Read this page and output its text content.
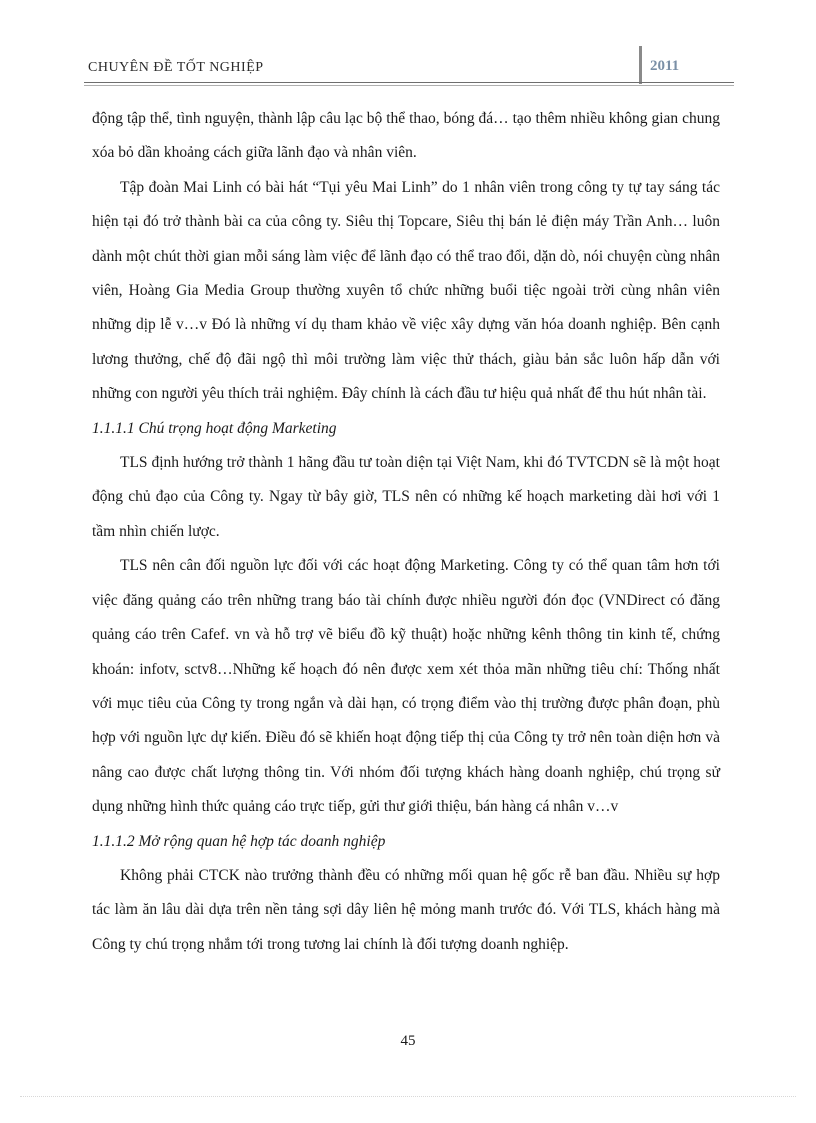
CHUYÊN ĐỀ TỐT NGHIỆP	2011

động tập thể, tình nguyện, thành lập câu lạc bộ thể thao, bóng đá… tạo thêm nhiều không gian chung xóa bỏ dần khoảng cách giữa lãnh đạo và nhân viên.

Tập đoàn Mai Linh có bài hát “Tụi yêu Mai Linh” do 1 nhân viên trong công ty tự tay sáng tác hiện tại đó trở thành bài ca của công ty. Siêu thị Topcare, Siêu thị bán lẻ điện máy Trần Anh… luôn dành một chút thời gian mỗi sáng làm việc để lãnh đạo có thể trao đổi, dặn dò, nói chuyện cùng nhân viên, Hoàng Gia Media Group thường xuyên tổ chức những buổi tiệc ngoài trời cùng nhân viên những dịp lễ v…v Đó là những ví dụ tham khảo về việc xây dựng văn hóa doanh nghiệp. Bên cạnh lương thưởng, chế độ đãi ngộ thì môi trường làm việc thử thách, giàu bản sắc luôn hấp dẫn với những con người yêu thích trải nghiệm. Đây chính là cách đầu tư hiệu quả nhất để thu hút nhân tài.

1.1.1.1 Chú trọng hoạt động Marketing

TLS định hướng trở thành 1 hãng đầu tư toàn diện tại Việt Nam, khi đó TVTCDN sẽ là một hoạt động chủ đạo của Công ty. Ngay từ bây giờ, TLS nên có những kế hoạch marketing dài hơi với 1 tầm nhìn chiến lược.

TLS nên cân đối nguồn lực đối với các hoạt động Marketing. Công ty có thể quan tâm hơn tới việc đăng quảng cáo trên những trang báo tài chính được nhiều người đón đọc (VNDirect có đăng quảng cáo trên Cafef. vn và hỗ trợ vẽ biểu đồ kỹ thuật) hoặc những kênh thông tin kinh tế, chứng khoán: infotv, sctv8…Những kế hoạch đó nên được xem xét thỏa mãn những tiêu chí: Thống nhất với mục tiêu của Công ty trong ngắn và dài hạn, có trọng điểm vào thị trường được phân đoạn, phù hợp với nguồn lực dự kiến. Điều đó sẽ khiến hoạt động tiếp thị của Công ty trở nên toàn diện hơn và nâng cao được chất lượng thông tin. Với nhóm đối tượng khách hàng doanh nghiệp, chú trọng sử dụng những hình thức quảng cáo trực tiếp, gửi thư giới thiệu, bán hàng cá nhân v…v

1.1.1.2 Mở rộng quan hệ hợp tác doanh nghiệp

Không phải CTCK nào trưởng thành đều có những mối quan hệ gốc rễ ban đầu. Nhiều sự hợp tác làm ăn lâu dài dựa trên nền tảng sợi dây liên hệ mỏng manh trước đó. Với TLS, khách hàng mà Công ty chú trọng nhắm tới trong tương lai chính là đối tượng doanh nghiệp.

45
